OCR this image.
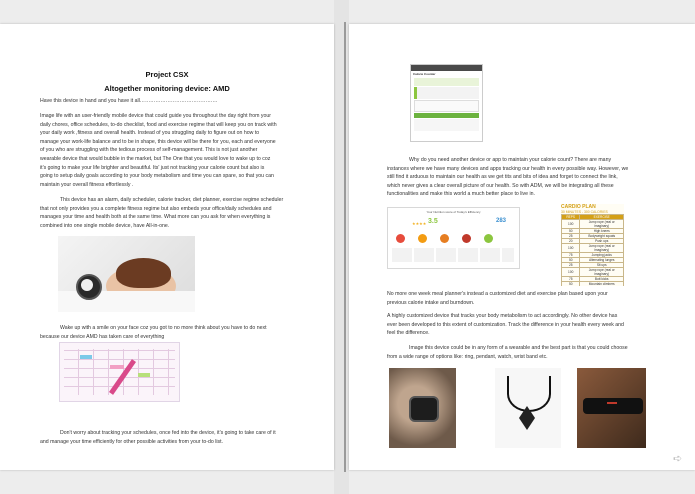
Project CSX
Altogether monitoring device: AMD
Have this device in hand and you have it all………………………………………
Image life with an user-friendly mobile device that could guide you throughout the day right from your
daily chores, office schedules, to-do checklist, food and exercise regime that will keep you on track with
your daily work ,fitness and overall health. Instead of you struggling daily to figure out on how to
manage your work-life balance and to be in shape, this device will be there for you, each and everyone
of you who are struggling with the tedious process of self-management. This is not just another
wearable device that would bubble in the market, but The One that you would love to wake up to coz
it's going to make your life brighter and beautiful. Its' just not tracking your calorie count but also is
going to setup daily goals according to your body metabolism and time you can spare, so that you can
maintain your overall fitness effortlessly .
This device has an alarm, daily scheduler, calorie tracker, diet planner, exercise regime scheduler
that not only provides you a complete fitness regime but also embeds your office/daily schedules and
manages your time and health both at the same time. What more can you ask for when everything is
combined into one single mobile device, have All-in-one.
Wake up with a smile on your face coz you got to no more think about you have to do next
because our device AMD has taken care of everything
Don't worry about tracking your schedules, once fed into the device, it's going to take care of it
and manage your time efficiently for other possible activities from your to-do list.
Calorie Counter
Why do you need another device or app to maintain your calorie count? There are many
instances where we have many devices and apps tracking our health in every possible way. However, we
still find it arduous to maintain our health as we get tits and bits of idea and forget to connect the link,
which never gives a clear overall picture of our health. So with ADM, we will be integrating all these
functionalities and make this world a much better place to live in.
Your Nutrition score of Today's Efficiency
3.5
★★★★	283
CARDIO PLAN
30 MINUTES - 300 CALORIES
REPS	EXERCISE
100	Jump rope (real or imaginary)
50	High knees
25	Bodyweight squats
20	Push ups
100	Jump rope (real or imaginary)
75	Jumping jacks
50	Alternating lunges
25	Sit ups
100	Jump rope (real or imaginary)
75	Butt kicks
50	Mountain climbers

No more one week meal planner's instead a customized diet and exercise plan based upon your
previous calorie intake and burndown.
A highly customized device that tracks your body metabolism to act accordingly. No other device has
ever been developed to this extent of customization. Track the difference in your health every week and
feel the difference.
Image this device could be in any form of a wearable and the best part is that you could choose
from a wide range of options like: ring, pendant, watch, wrist band etc.
➪
